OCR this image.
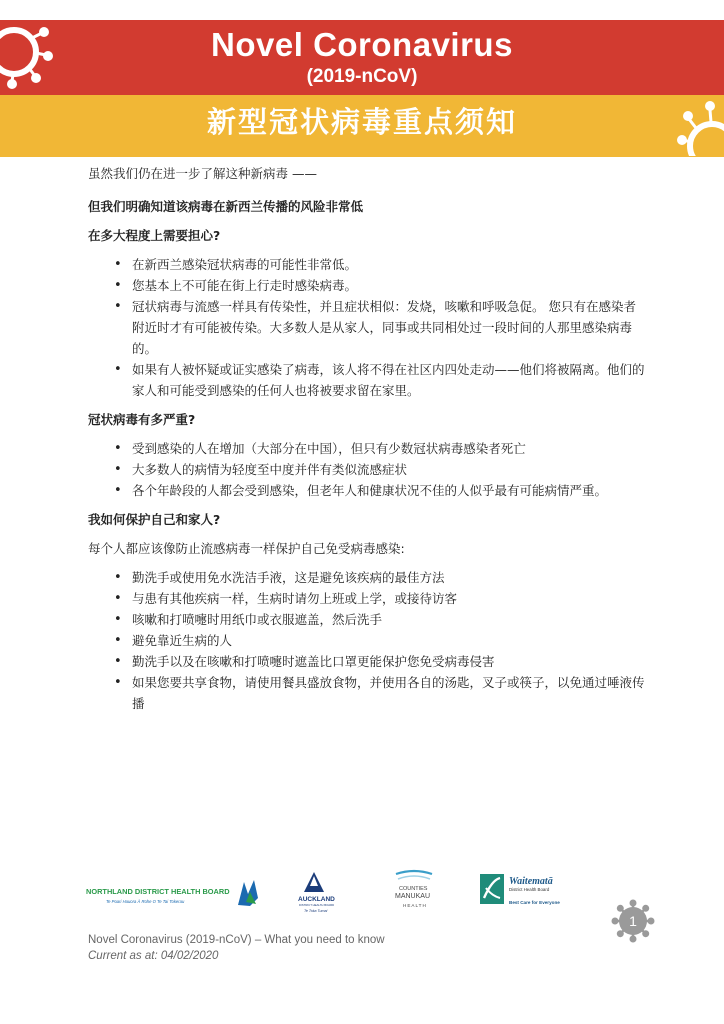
Novel Coronavirus
(2019-nCoV)
新型冠状病毒重点须知

虽然我们仍在进一步了解这种新病毒 ——

但我们明确知道该病毒在新西兰传播的风险非常低

在多大程度上需要担心?

• 在新西兰感染冠状病毒的可能性非常低。
• 您基本上不可能在街上行走时感染病毒。
• 冠状病毒与流感一样具有传染性，并且症状相似：发烧，咳嗽和呼吸急促。 您只有在感染者附近时才有可能被传染。大多数人是从家人，同事或共同相处过一段时间的人那里感染病毒的。
• 如果有人被怀疑或证实感染了病毒，该人将不得在社区内四处走动——他们将被隔离。他们的家人和可能受到感染的任何人也将被要求留在家里。

冠状病毒有多严重?

• 受到感染的人在增加（大部分在中国），但只有少数冠状病毒感染者死亡
• 大多数人的病情为轻度至中度并伴有类似流感症状
• 各个年龄段的人都会受到感染，但老年人和健康状况不佳的人似乎最有可能病情严重。

我如何保护自己和家人?

每个人都应该像防止流感病毒一样保护自己免受病毒感染:

• 勤洗手或使用免水洗洁手液，这是避免该疾病的最佳方法
• 与患有其他疾病一样，生病时请勿上班或上学，或接待访客
• 咳嗽和打喷嚏时用纸巾或衣服遮盖，然后洗手
• 避免靠近生病的人
• 勤洗手以及在咳嗽和打喷嚏时遮盖比口罩更能保护您免受病毒侵害
• 如果您要共享食物，请使用餐具盛放食物，并使用各自的汤匙，叉子或筷子，以免通过唾液传播
NORTHLAND DISTRICT HEALTH BOARD
Te Poari Hauora Ā Rohe O Te Tai Tokerau	AUCKLAND
DISTRICT HEALTH BOARD
Te Toka Tumai
COUNTIES
MANUKAU
HEALTH
Waitematā
District Health Board
Best Care for Everyone
1
Novel Coronavirus (2019-nCoV) – What you need to know
Current as at: 04/02/2020
